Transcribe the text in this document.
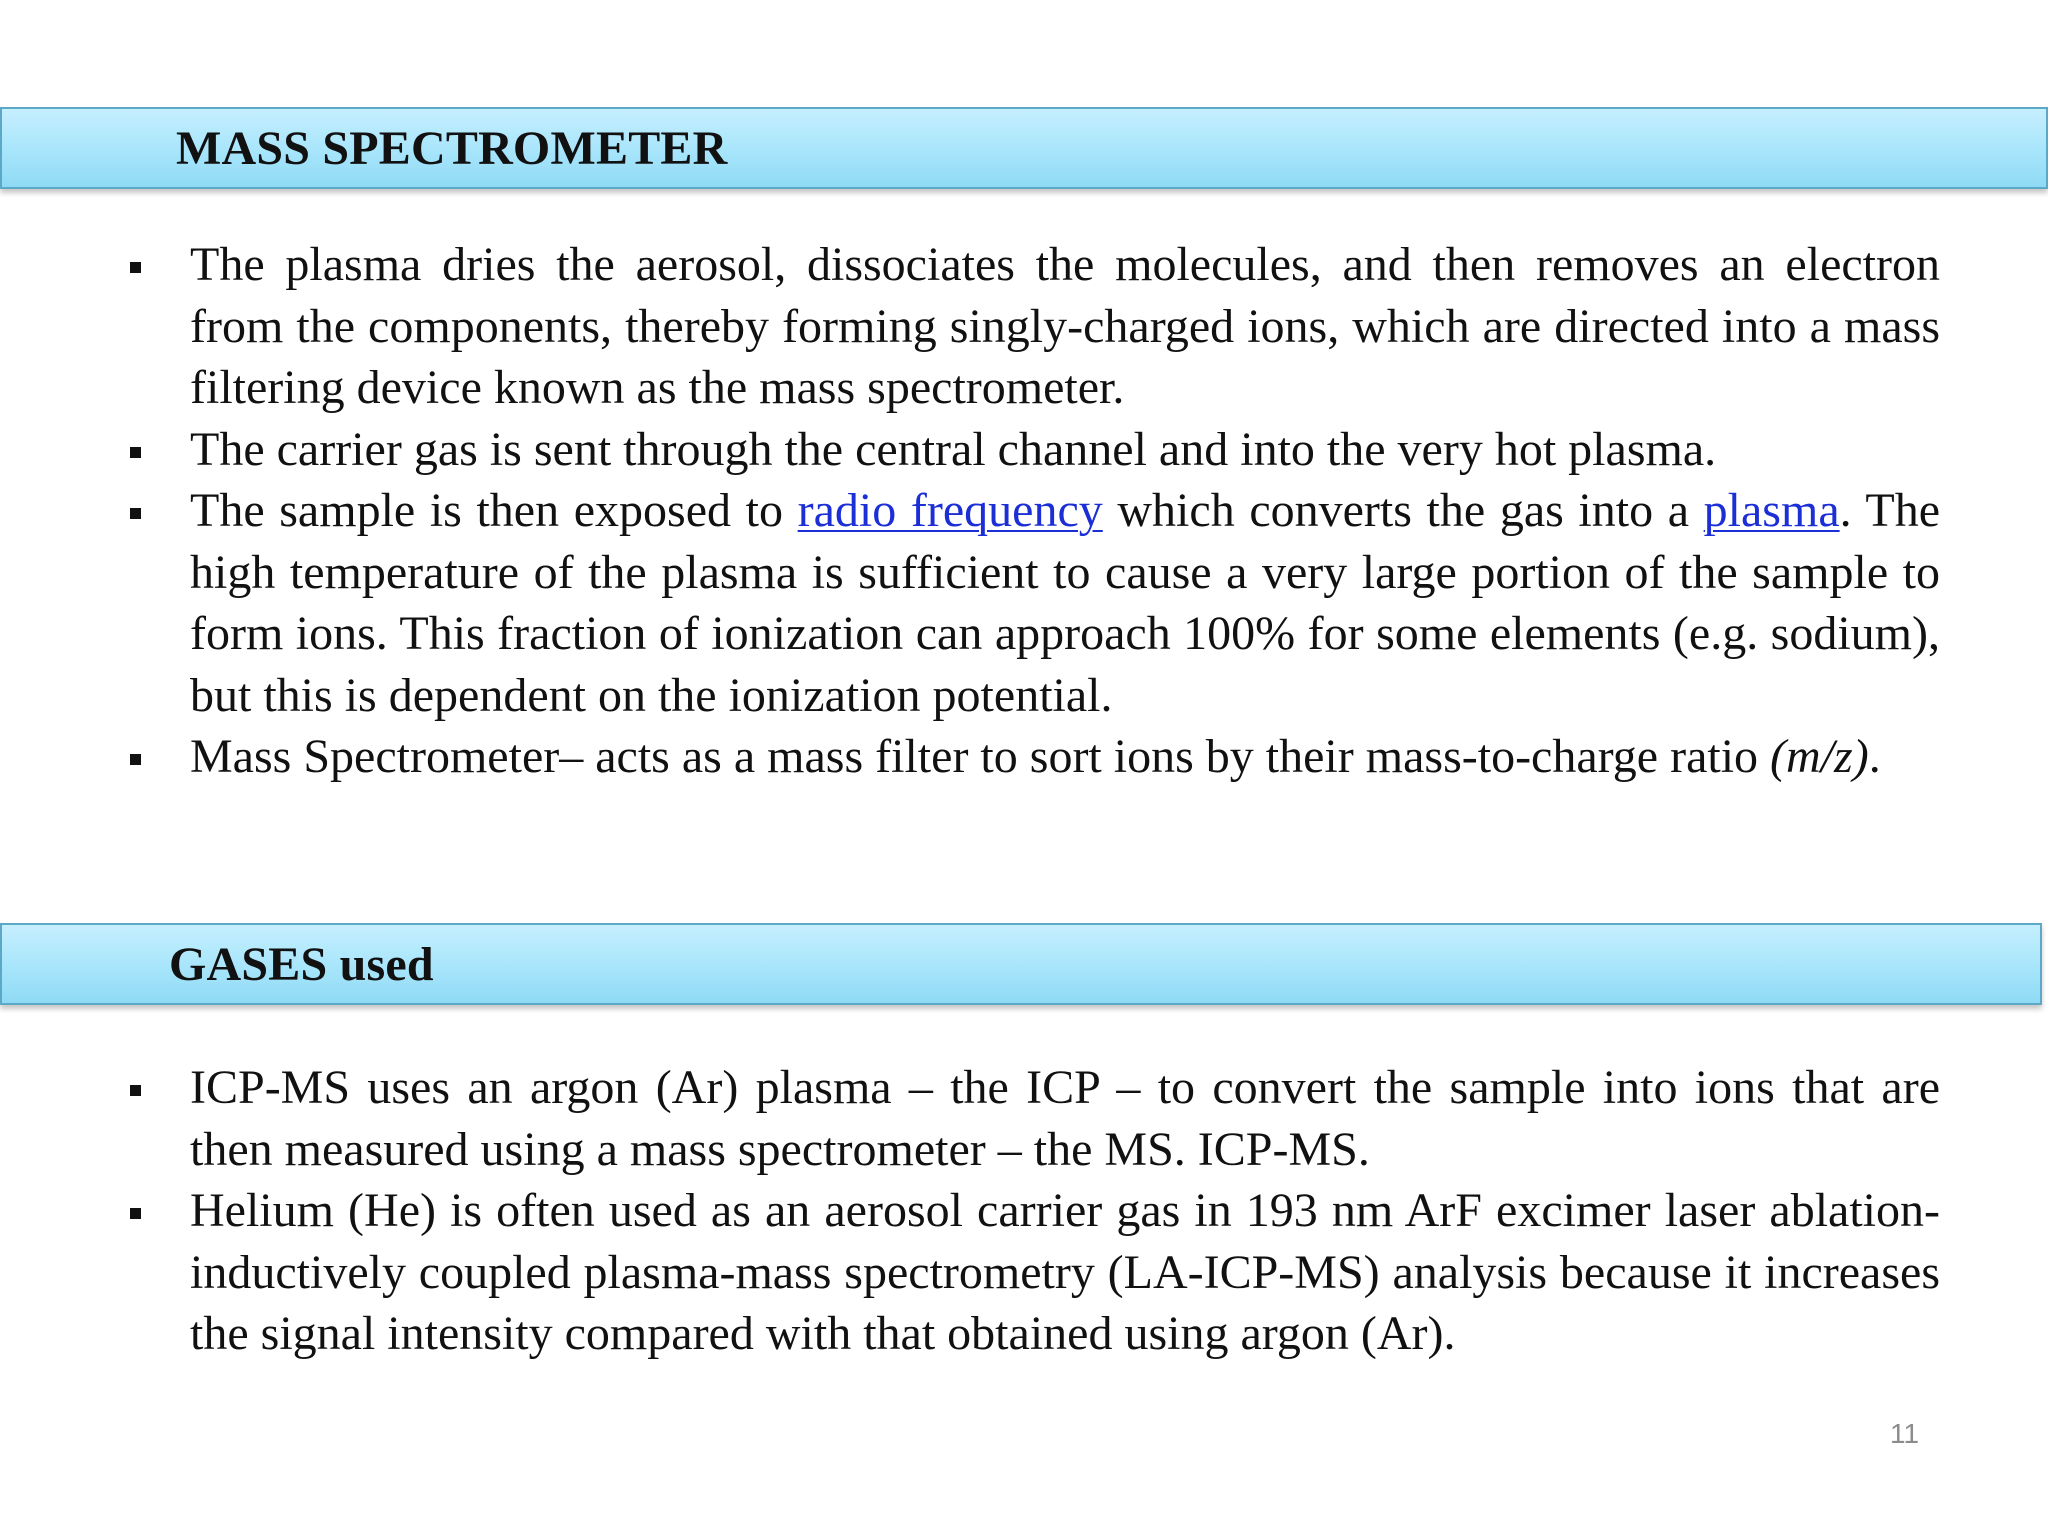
MASS SPECTROMETER
The plasma dries the aerosol, dissociates the molecules, and then removes an electron from the components, thereby forming singly-charged ions, which are directed into a mass filtering device known as the mass spectrometer.
The carrier gas is sent through the central channel and into the very hot plasma.
The sample is then exposed to radio frequency which converts the gas into a plasma. The high temperature of the plasma is sufficient to cause a very large portion of the sample to form ions. This fraction of ionization can approach 100% for some elements (e.g. sodium), but this is dependent on the ionization potential.
Mass Spectrometer– acts as a mass filter to sort ions by their mass-to-charge ratio (m/z).
GASES used
ICP-MS uses an argon (Ar) plasma – the ICP – to convert the sample into ions that are then measured using a mass spectrometer – the MS. ICP-MS.
Helium (He) is often used as an aerosol carrier gas in 193 nm ArF excimer laser ablation-inductively coupled plasma-mass spectrometry (LA-ICP-MS) analysis because it increases the signal intensity compared with that obtained using argon (Ar).
11
